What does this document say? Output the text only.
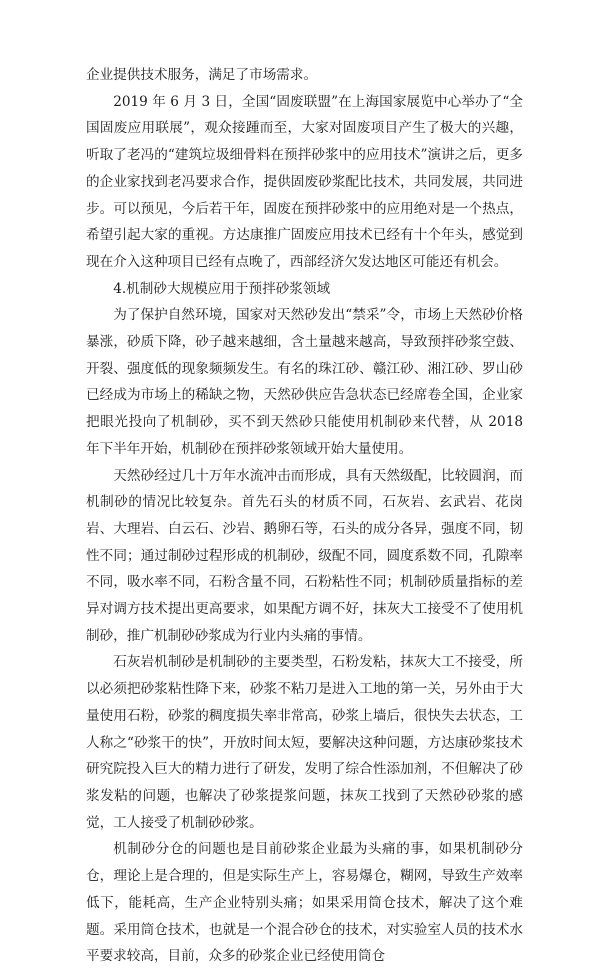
企业提供技术服务，满足了市场需求。

2019 年 6 月 3 日，全国“固废联盟”在上海国家展览中心举办了“全国固废应用联展”，观众接踵而至，大家对固废项目产生了极大的兴趣，听取了老冯的“建筑垃圾细骨料在预拌砂浆中的应用技术”演讲之后，更多的企业家找到老冯要求合作，提供固废砂浆配比技术，共同发展，共同进步。可以预见，今后若干年，固废在预拌砂浆中的应用绝对是一个热点，希望引起大家的重视。方达康推广固废应用技术已经有十个年头，感觉到现在介入这种项目已经有点晚了，西部经济欠发达地区可能还有机会。

4.机制砂大规模应用于预拌砂浆领域

为了保护自然环境，国家对天然砂发出“禁采”令，市场上天然砂价格暴涨，砂质下降，砂子越来越细，含土量越来越高，导致预拌砂浆空鼓、开裂、强度低的现象频频发生。有名的珠江砂、赣江砂、湘江砂、罗山砂已经成为市场上的稀缺之物，天然砂供应告急状态已经席卷全国，企业家把眼光投向了机制砂，买不到天然砂只能使用机制砂来代替，从 2018 年下半年开始，机制砂在预拌砂浆领域开始大量使用。

天然砂经过几十万年水流冲击而形成，具有天然级配，比较圆润，而机制砂的情况比较复杂。首先石头的材质不同，石灰岩、玄武岩、花岗岩、大理岩、白云石、沙岩、鹅卵石等，石头的成分各异，强度不同，韧性不同；通过制砂过程形成的机制砂，级配不同，圆度系数不同，孔隙率不同，吸水率不同，石粉含量不同，石粉粘性不同；机制砂质量指标的差异对调方技术提出更高要求，如果配方调不好，抹灰大工接受不了使用机制砂，推广机制砂砂浆成为行业内头痛的事情。

石灰岩机制砂是机制砂的主要类型，石粉发粘，抹灰大工不接受，所以必须把砂浆粘性降下来，砂浆不粘刀是进入工地的第一关，另外由于大量使用石粉，砂浆的稠度损失率非常高，砂浆上墙后，很快失去状态，工人称之“砂浆干的快”，开放时间太短，要解决这种问题，方达康砂浆技术研究院投入巨大的精力进行了研发，发明了综合性添加剂，不但解决了砂浆发粘的问题，也解决了砂浆提浆问题，抹灰工找到了天然砂砂浆的感觉，工人接受了机制砂砂浆。

机制砂分仓的问题也是目前砂浆企业最为头痛的事，如果机制砂分仓，理论上是合理的，但是实际生产上，容易爆仓，糊网，导致生产效率低下，能耗高，生产企业特别头痛；如果采用筒仓技术，解决了这个难题。采用筒仓技术，也就是一个混合砂仓的技术，对实验室人员的技术水平要求较高，目前，众多的砂浆企业已经使用筒仓
